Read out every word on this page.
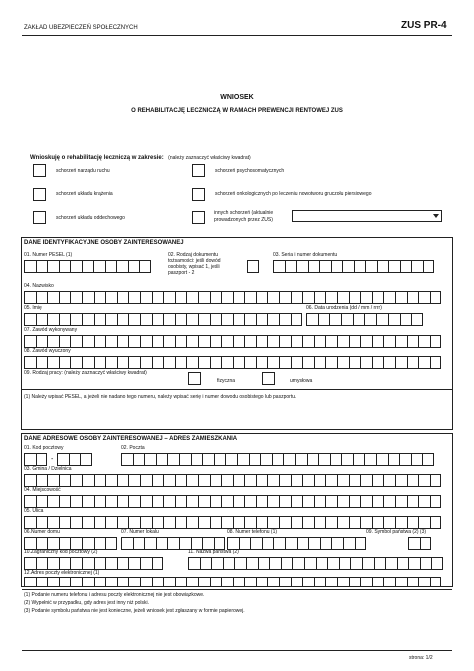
ZAKŁAD UBEZPIECZEŃ SPOŁECZNYCH	ZUS PR-4
WNIOSEK
O REHABILITACJĘ LECZNICZĄ W RAMACH PREWENCJI RENTOWEJ ZUS
Wnioskuję o rehabilitację leczniczą w zakresie: (należy zaznaczyć właściwy kwadrat)
schorzeń narządu ruchu	schorzeń psychosomatycznych
schorzeń układu krążenia	schorzeń onkologicznych po leczeniu nowotworu gruczołu piersiowego
schorzeń układu oddechowego
innych schorzeń (aktualnie
prowadzonych przez ZUS)
DANE IDENTYFIKACYJNE OSOBY ZAINTERESOWANEJ
01. Numer PESEL (1)	02. Rodzaj dokumentu
tożsamości: jeśli dowód
osobisty, wpisać 1, jeśli
paszport - 2
03. Seria i numer dokumentu
04. Nazwisko
05. Imię	06. Data urodzenia (dd / mm / rrrr)
07. Zawód wykonywany
08. Zawód wyuczony
09. Rodzaj pracy: (należy zaznaczyć właściwy kwadrat)
fizyczna	umysłowa
(1) Należy wpisać PESEL, a jeżeli nie nadano tego numeru, należy wpisać serię i numer dowodu osobistego lub paszportu.
DANE ADRESOWE OSOBY ZAINTERESOWANEJ – ADRES ZAMIESZKANIA
01. Kod pocztowy
-
02. Poczta
03. Gmina / Dzielnica
04. Miejscowość
05. Ulica
06.Numer domu	07. Numer lokalu	08. Numer telefonu (1)	09. Symbol państwa (2) (3)
10.Zagraniczny kod pocztowy (2)	11. Nazwa państwa (2)
12.Adres poczty elektronicznej (1)
(1) Podanie numeru telefonu i adresu poczty elektronicznej nie jest obowiązkowe.
(2) Wypełnić w przypadku, gdy adres jest inny niż polski.
(3) Podanie symbolu państwa nie jest konieczne, jeżeli wniosek jest zgłaszany w formie papierowej.
strona: 1/2
